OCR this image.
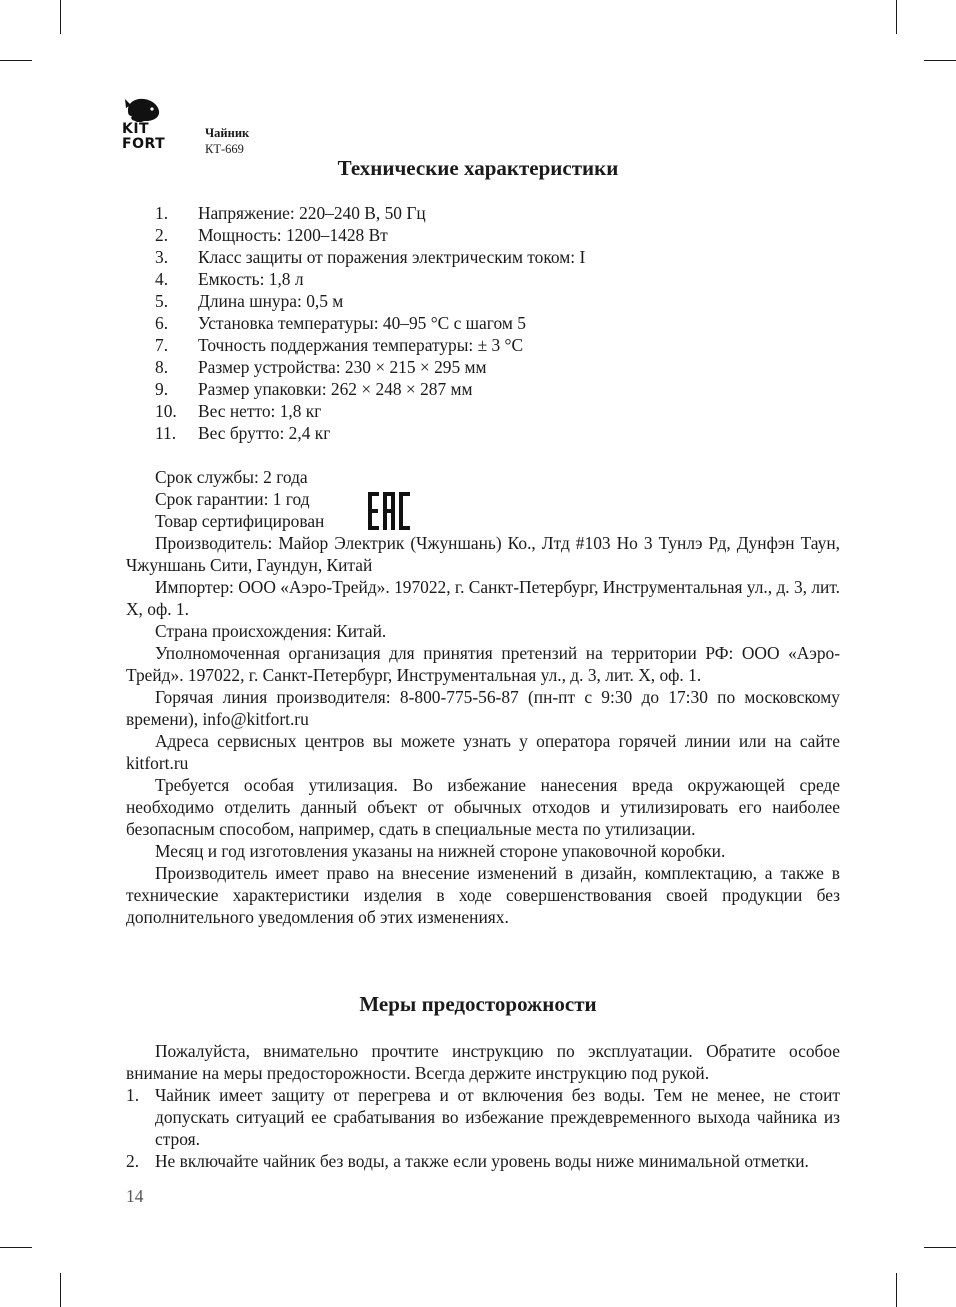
KIT
FORT
Чайник
КТ-669
Технические характеристики
1. Напряжение: 220–240 В, 50 Гц
2. Мощность: 1200–1428 Вт
3. Класс защиты от поражения электрическим током: I
4. Емкость: 1,8 л
5. Длина шнура: 0,5 м
6. Установка температуры: 40–95 °С с шагом 5
7. Точность поддержания температуры: ± 3 °С
8. Размер устройства: 230 × 215 × 295 мм
9. Размер упаковки: 262 × 248 × 287 мм
10. Вес нетто: 1,8 кг
11. Вес брутто: 2,4 кг
Срок службы: 2 года
Срок гарантии: 1 год
Товар сертифицирован

Производитель: Майор Электрик (Чжуншань) Ко., Лтд #103 Но 3 Тунлэ Рд, Дунфэн Таун, Чжуншань Сити, Гаундун, Китай

Импортер: ООО «Аэро-Трейд». 197022, г. Санкт-Петербург, Инструментальная ул., д. 3, лит. Х, оф. 1.

Страна происхождения: Китай.

Уполномоченная организация для принятия претензий на территории РФ: ООО «Аэро-Трейд». 197022, г. Санкт-Петербург, Инструментальная ул., д. 3, лит. Х, оф. 1.

Горячая линия производителя: 8-800-775-56-87 (пн-пт с 9:30 до 17:30 по московскому времени), info@kitfort.ru

Адреса сервисных центров вы можете узнать у оператора горячей линии или на сайте kitfort.ru

Требуется особая утилизация. Во избежание нанесения вреда окружающей среде необходимо отделить данный объект от обычных отходов и утилизировать его наиболее безопасным способом, например, сдать в специальные места по утилизации.

Месяц и год изготовления указаны на нижней стороне упаковочной коробки.

Производитель имеет право на внесение изменений в дизайн, комплектацию, а также в технические характеристики изделия в ходе совершенствования своей продукции без дополнительного уведомления об этих изменениях.

Меры предосторожности

Пожалуйста, внимательно прочтите инструкцию по эксплуатации. Обратите особое внимание на меры предосторожности. Всегда держите инструкцию под рукой.

1. Чайник имеет защиту от перегрева и от включения без воды. Тем не менее, не стоит допускать ситуаций ее срабатывания во избежание преждевременного выхода чайника из строя.
2. Не включайте чайник без воды, а также если уровень воды ниже минимальной отметки.
14
